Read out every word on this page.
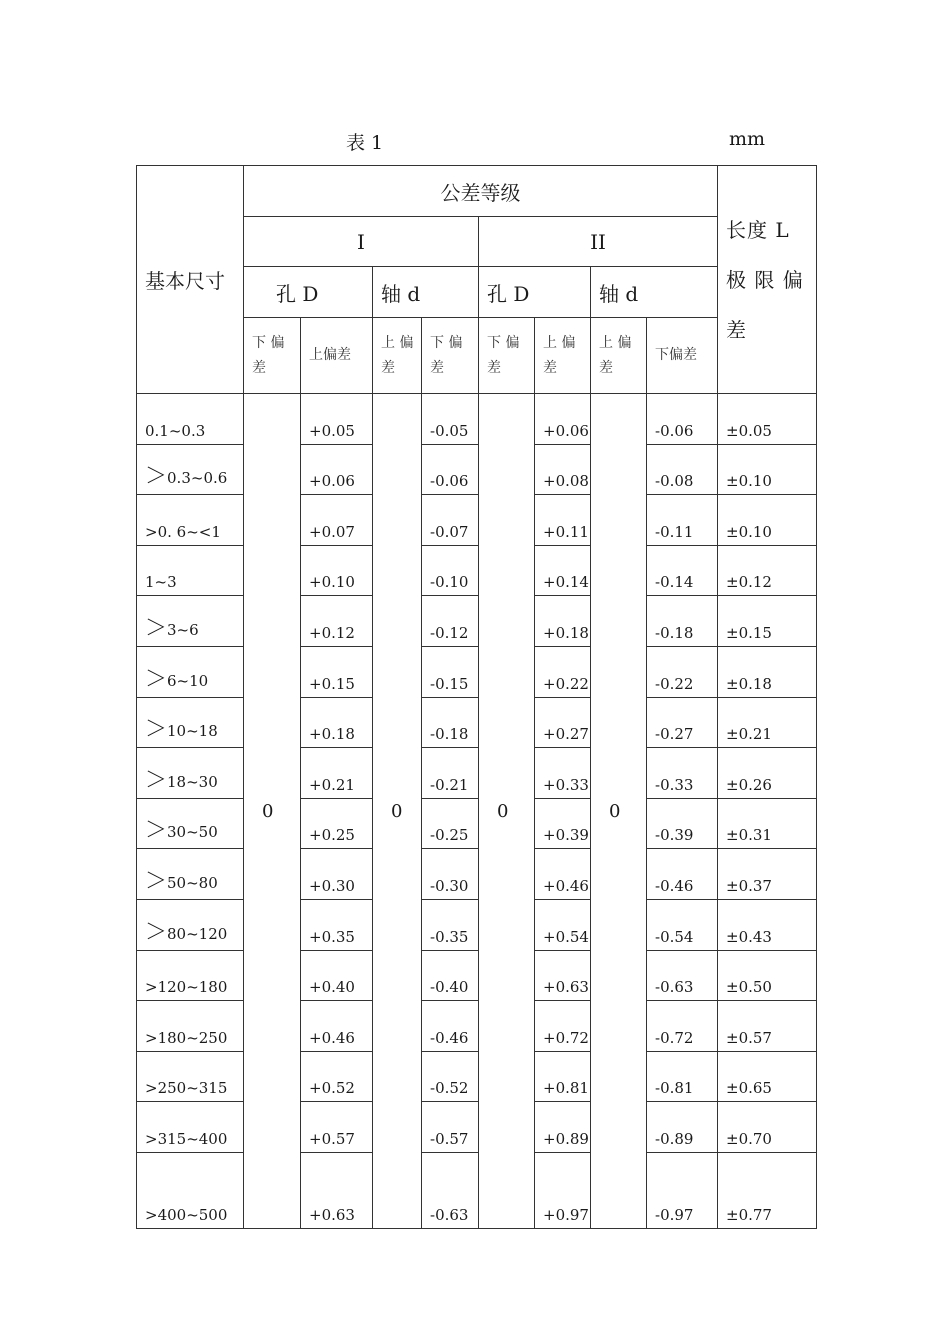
表 1	mm
基本尺寸	公差等级								长度 L 极 限 偏 差
	I				II				
	孔 D		轴 d		孔 D		轴 d		
	下 偏 差	上偏差	上 偏 差	下 偏 差	下 偏 差	上 偏 差	上 偏 差	下偏差	
0.1~0.3	0	+0.05	0	-0.05	0	+0.06	0	-0.06	±0.05
＞0.3~0.6		+0.06		-0.06		+0.08		-0.08	±0.10
>0. 6~<1		+0.07		-0.07		+0.11		-0.11	±0.10
1~3		+0.10		-0.10		+0.14		-0.14	±0.12
＞3~6		+0.12		-0.12		+0.18		-0.18	±0.15
＞6~10		+0.15		-0.15		+0.22		-0.22	±0.18
＞10~18		+0.18		-0.18		+0.27		-0.27	±0.21
＞18~30		+0.21		-0.21		+0.33		-0.33	±0.26
＞30~50		+0.25		-0.25		+0.39		-0.39	±0.31
＞50~80		+0.30		-0.30		+0.46		-0.46	±0.37
＞80~120		+0.35		-0.35		+0.54		-0.54	±0.43
>120~180		+0.40		-0.40		+0.63		-0.63	±0.50
>180~250		+0.46		-0.46		+0.72		-0.72	±0.57
>250~315		+0.52		-0.52		+0.81		-0.81	±0.65
>315~400		+0.57		-0.57		+0.89		-0.89	±0.70
>400~500		+0.63		-0.63		+0.97		-0.97	±0.77
